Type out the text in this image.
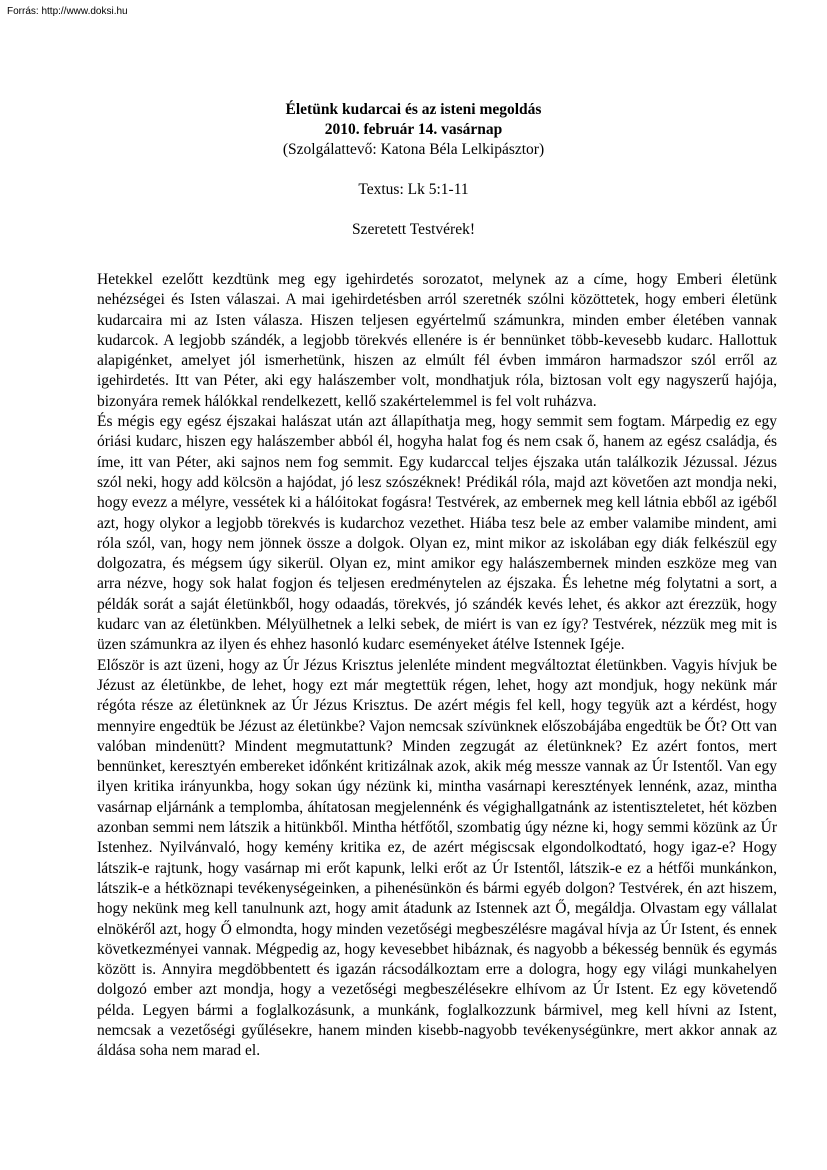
Forrás: http://www.doksi.hu
Életünk kudarcai és az isteni megoldás
2010. február 14. vasárnap
(Szolgálattevő: Katona Béla Lelkipásztor)
Textus: Lk 5:1-11
Szeretett Testvérek!

Hetekkel ezelőtt kezdtünk meg egy igehirdetés sorozatot, melynek az a címe, hogy Emberi életünk nehézségei és Isten válaszai. A mai igehirdetésben arról szeretnék szólni közöttetek, hogy emberi életünk kudarcaira mi az Isten válasza. Hiszen teljesen egyértelmű számunkra, minden ember életében vannak kudarcok. A legjobb szándék, a legjobb törekvés ellenére is ér bennünket több-kevesebb kudarc. Hallottuk alapigénket, amelyet jól ismerhetünk, hiszen az elmúlt fél évben immáron harmadszor szól erről az igehirdetés. Itt van Péter, aki egy halászember volt, mondhatjuk róla, biztosan volt egy nagyszerű hajója, bizonyára remek hálókkal rendelkezett, kellő szakértelemmel is fel volt ruházva.

És mégis egy egész éjszakai halászat után azt állapíthatja meg, hogy semmit sem fogtam. Márpedig ez egy óriási kudarc, hiszen egy halászember abból él, hogyha halat fog és nem csak ő, hanem az egész családja, és íme, itt van Péter, aki sajnos nem fog semmit. Egy kudarccal teljes éjszaka után találkozik Jézussal. Jézus szól neki, hogy add kölcsön a hajódat, jó lesz szószéknek! Prédikál róla, majd azt követően azt mondja neki, hogy evezz a mélyre, vessétek ki a hálóitokat fogásra! Testvérek, az embernek meg kell látnia ebből az igéből azt, hogy olykor a legjobb törekvés is kudarchoz vezethet. Hiába tesz bele az ember valamibe mindent, ami róla szól, van, hogy nem jönnek össze a dolgok. Olyan ez, mint mikor az iskolában egy diák felkészül egy dolgozatra, és mégsem úgy sikerül. Olyan ez, mint amikor egy halászembernek minden eszköze meg van arra nézve, hogy sok halat fogjon és teljesen eredménytelen az éjszaka. És lehetne még folytatni a sort, a példák sorát a saját életünkből, hogy odaadás, törekvés, jó szándék kevés lehet, és akkor azt érezzük, hogy kudarc van az életünkben. Mélyülhetnek a lelki sebek, de miért is van ez így? Testvérek, nézzük meg mit is üzen számunkra az ilyen és ehhez hasonló kudarc eseményeket átélve Istennek Igéje.

Először is azt üzeni, hogy az Úr Jézus Krisztus jelenléte mindent megváltoztat életünkben. Vagyis hívjuk be Jézust az életünkbe, de lehet, hogy ezt már megtettük régen, lehet, hogy azt mondjuk, hogy nekünk már régóta része az életünknek az Úr Jézus Krisztus. De azért mégis fel kell, hogy tegyük azt a kérdést, hogy mennyire engedtük be Jézust az életünkbe? Vajon nemcsak szívünknek előszobájába engedtük be Őt? Ott van valóban mindenütt? Mindent megmutattunk? Minden zegzugát az életünknek? Ez azért fontos, mert bennünket, keresztyén embereket időnként kritizálnak azok, akik még messze vannak az Úr Istentől. Van egy ilyen kritika irányunkba, hogy sokan úgy nézünk ki, mintha vasárnapi keresztények lennénk, azaz, mintha vasárnap eljárnánk a templomba, áhítatosan megjelennénk és végighallgatnánk az istentiszteletet, hét közben azonban semmi nem látszik a hitünkből. Mintha hétfőtől, szombatig úgy nézne ki, hogy semmi közünk az Úr Istenhez. Nyilvánvaló, hogy kemény kritika ez, de azért mégiscsak elgondolkodtató, hogy igaz-e? Hogy látszik-e rajtunk, hogy vasárnap mi erőt kapunk, lelki erőt az Úr Istentől, látszik-e ez a hétfői munkánkon, látszik-e a hétköznapi tevékenységeinken, a pihenésünkön és bármi egyéb dolgon? Testvérek, én azt hiszem, hogy nekünk meg kell tanulnunk azt, hogy amit átadunk az Istennek azt Ő, megáldja. Olvastam egy vállalat elnökéről azt, hogy Ő elmondta, hogy minden vezetőségi megbeszélésre magával hívja az Úr Istent, és ennek következményei vannak. Mégpedig az, hogy kevesebbet hibáznak, és nagyobb a békesség bennük és egymás között is. Annyira megdöbbentett és igazán rácsodálkoztam erre a dologra, hogy egy világi munkahelyen dolgozó ember azt mondja, hogy a vezetőségi megbeszélésekre elhívom az Úr Istent. Ez egy követendő példa. Legyen bármi a foglalkozásunk, a munkánk, foglalkozzunk bármivel, meg kell hívni az Istent, nemcsak a vezetőségi gyűlésekre, hanem minden kisebb-nagyobb tevékenységünkre, mert akkor annak az áldása soha nem marad el.
